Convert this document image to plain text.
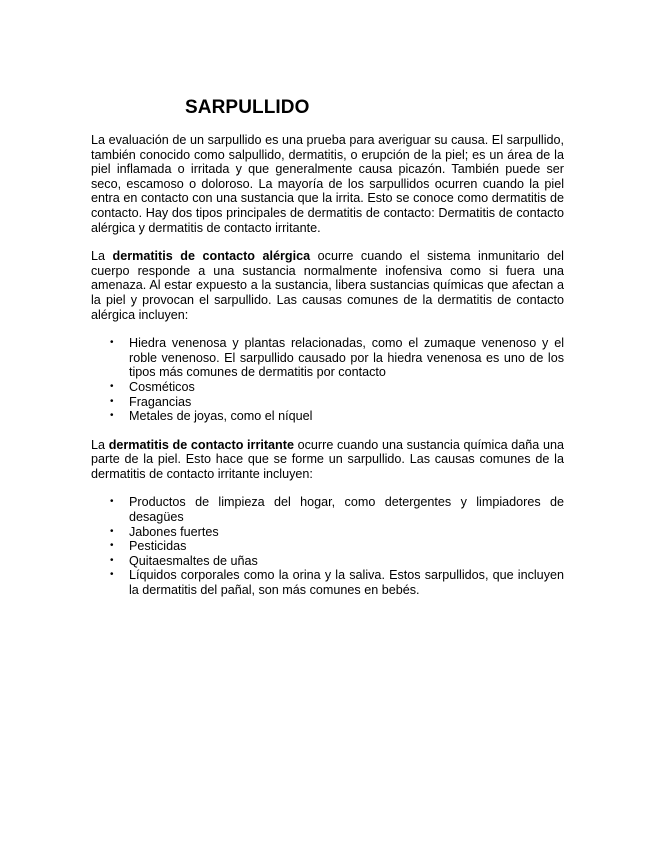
SARPULLIDO

La evaluación de un sarpullido es una prueba para averiguar su causa. El sarpullido, también conocido como salpullido, dermatitis, o erupción de la piel; es un área de la piel inflamada o irritada y que generalmente causa picazón. También puede ser seco, escamoso o doloroso. La mayoría de los sarpullidos ocurren cuando la piel entra en contacto con una sustancia que la irrita. Esto se conoce como dermatitis de contacto. Hay dos tipos principales de dermatitis de contacto: Dermatitis de contacto alérgica y dermatitis de contacto irritante.

La dermatitis de contacto alérgica ocurre cuando el sistema inmunitario del cuerpo responde a una sustancia normalmente inofensiva como si fuera una amenaza. Al estar expuesto a la sustancia, libera sustancias químicas que afectan a la piel y provocan el sarpullido. Las causas comunes de la dermatitis de contacto alérgica incluyen:

•	Hiedra venenosa y plantas relacionadas, como el zumaque venenoso y el roble venenoso. El sarpullido causado por la hiedra venenosa es uno de los tipos más comunes de dermatitis por contacto
•	Cosméticos
•	Fragancias
•	Metales de joyas, como el níquel

La dermatitis de contacto irritante ocurre cuando una sustancia química daña una parte de la piel. Esto hace que se forme un sarpullido. Las causas comunes de la dermatitis de contacto irritante incluyen:

•	Productos de limpieza del hogar, como detergentes y limpiadores de desagües
•	Jabones fuertes
•	Pesticidas
•	Quitaesmaltes de uñas
•	Líquidos corporales como la orina y la saliva. Estos sarpullidos, que incluyen la dermatitis del pañal, son más comunes en bebés.
